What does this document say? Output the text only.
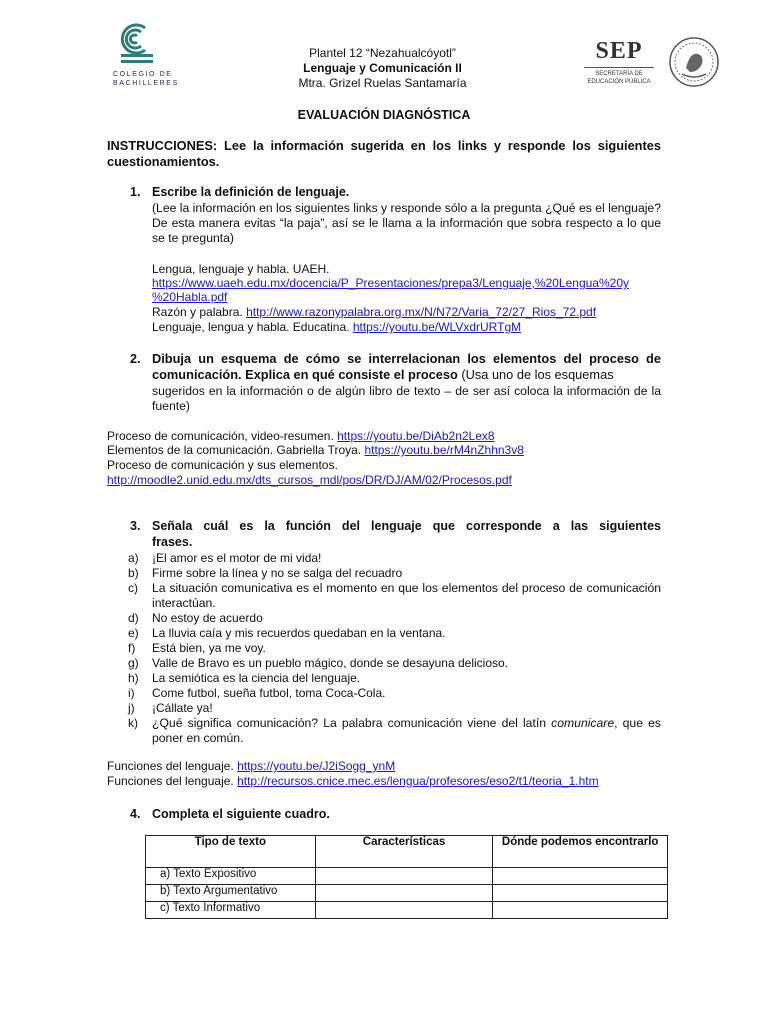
COLEGIO DE
BACHILLERES
Plantel 12 “Nezahualcóyotl”
Lenguaje y Comunicación II
Mtra. Grizel Ruelas Santamaría
SEP
SECRETARÍA DE
EDUCACIÓN PÚBLICA
EVALUACIÓN DIAGNÓSTICA
INSTRUCCIONES: Lee la información sugerida en los links y responde los siguientes cuestionamientos.
1. Escribe la definición de lenguaje.
(Lee la información en los siguientes links y responde sólo a la pregunta ¿Qué es el lenguaje? De esta manera evitas “la paja”, así se le llama a la información que sobra respecto a lo que se te pregunta)
Lengua, lenguaje y habla. UAEH.
https://www.uaeh.edu.mx/docencia/P_Presentaciones/prepa3/Lenguaje,%20Lengua%20y
%20Habla.pdf
Razón y palabra. http://www.razonypalabra.org.mx/N/N72/Varia_72/27_Rios_72.pdf
Lenguaje, lengua y habla. Educatina. https://youtu.be/WLVxdrURTgM
2. Dibuja un esquema de cómo se interrelacionan los elementos del proceso de comunicación. Explica en qué consiste el proceso (Usa uno de los esquemas
sugeridos en la información o de algún libro de texto – de ser así coloca la información de la fuente)
Proceso de comunicación, video-resumen. https://youtu.be/DiAb2n2Lex8
Elementos de la comunicación. Gabriella Troya. https://youtu.be/rM4nZhhn3v8
Proceso de comunicación y sus elementos.
http://moodle2.unid.edu.mx/dts_cursos_mdl/pos/DR/DJ/AM/02/Procesos.pdf
3. Señala cuál es la función del lenguaje que corresponde a las siguientes
frases.
a)	¡El amor es el motor de mi vida!
b)	Firme sobre la línea y no se salga del recuadro
c)	La situación comunicativa es el momento en que los elementos del proceso de comunicación interactúan.
d)	No estoy de acuerdo
e)	La lluvia caía y mis recuerdos quedaban en la ventana.
f)	Está bien, ya me voy.
g)	Valle de Bravo es un pueblo mágico, donde se desayuna delicioso.
h)	La semiótica es la ciencia del lenguaje.
i)	Come futbol, sueña futbol, toma Coca-Cola.
j)	¡Cállate ya!
k)	¿Qué significa comunicación? La palabra comunicación viene del latín comunicare, que es poner en común.
Funciones del lenguaje. https://youtu.be/J2iSogg_ynM
Funciones del lenguaje. http://recursos.cnice.mec.es/lengua/profesores/eso2/t1/teoria_1.htm
4. Completa el siguiente cuadro.
Tipo de texto	Características	Dónde podemos encontrarlo
a) Texto Expositivo		
b) Texto Argumentativo		
c) Texto Informativo		
